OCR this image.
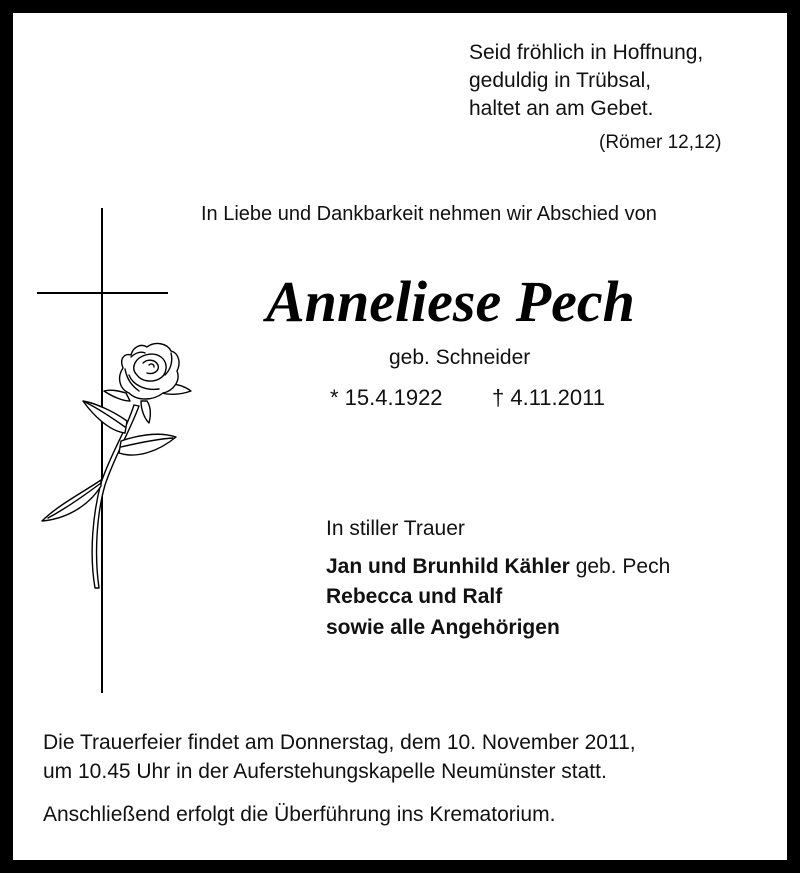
Seid fröhlich in Hoffnung,
geduldig in Trübsal,
haltet an am Gebet.
(Römer 12,12)
In Liebe und Dankbarkeit nehmen wir Abschied von
Anneliese Pech
geb. Schneider
* 15.4.1922 † 4.11.2011
In stiller Trauer
Jan und Brunhild Kähler geb. Pech
Rebecca und Ralf
sowie alle Angehörigen
Die Trauerfeier findet am Donnerstag, dem 10. November 2011,
um 10.45 Uhr in der Auferstehungskapelle Neumünster statt.
Anschließend erfolgt die Überführung ins Krematorium.
